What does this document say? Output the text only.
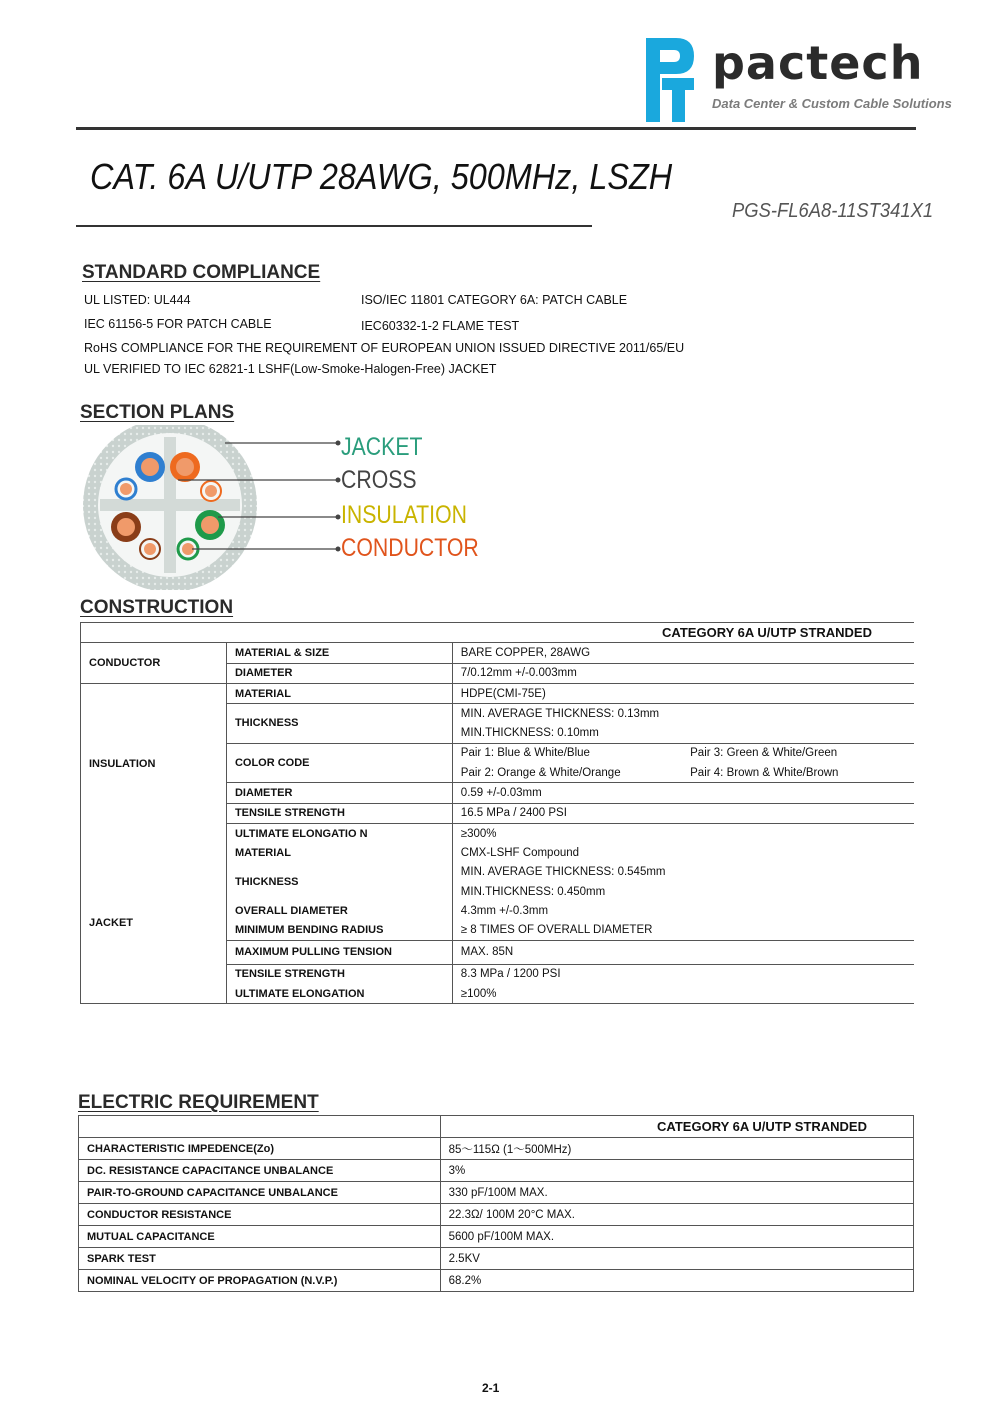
pactech
Data Center & Custom Cable Solutions
CAT. 6A U/UTP 28AWG, 500MHz, LSZH
PGS-FL6A8-11ST341X1
STANDARD COMPLIANCE
UL LISTED: UL444	ISO/IEC 11801 CATEGORY 6A: PATCH CABLE
IEC 61156-5 FOR PATCH CABLE	IEC60332-1-2 FLAME TEST
RoHS COMPLIANCE FOR THE REQUIREMENT OF EUROPEAN UNION ISSUED DIRECTIVE 2011/65/EU
UL VERIFIED TO IEC 62821-1 LSHF(Low-Smoke-Halogen-Free) JACKET
SECTION PLANS
JACKET
CROSS
INSULATION
CONDUCTOR
CONSTRUCTION
		CATEGORY 6A U/UTP STRANDED	
CONDUCTOR	MATERIAL & SIZE	BARE COPPER, 28AWG	
	DIAMETER	7/0.12mm +/-0.003mm	
INSULATION	MATERIAL	HDPE(CMI-75E)	
	THICKNESS	MIN. AVERAGE THICKNESS: 0.13mm	
		MIN.THICKNESS: 0.10mm	
	COLOR CODE	Pair 1: Blue & White/Blue	Pair 3: Green & White/Green
		Pair 2: Orange & White/Orange	Pair 4: Brown & White/Brown
	DIAMETER	0.59 +/-0.03mm	
	TENSILE STRENGTH	16.5 MPa / 2400 PSI	
	ULTIMATE ELONGATIO N	≥300%	
JACKET	MATERIAL	CMX-LSHF Compound	
	THICKNESS	MIN. AVERAGE THICKNESS: 0.545mm	
		MIN.THICKNESS: 0.450mm	
	OVERALL DIAMETER	4.3mm +/-0.3mm	
	MINIMUM BENDING RADIUS	≥ 8 TIMES OF OVERALL DIAMETER	
	MAXIMUM PULLING TENSION	MAX. 85N	
	TENSILE STRENGTH	8.3 MPa / 1200 PSI	
	ULTIMATE ELONGATION	≥100%	
ELECTRIC REQUIREMENT
	CATEGORY 6A U/UTP STRANDED
CHARACTERISTIC IMPEDENCE(Zo)	85～115Ω (1～500MHz)
DC. RESISTANCE CAPACITANCE UNBALANCE	3%
PAIR-TO-GROUND CAPACITANCE UNBALANCE	330 pF/100M MAX.
CONDUCTOR RESISTANCE	22.3Ω/ 100M 20°C MAX.
MUTUAL CAPACITANCE	5600 pF/100M MAX.
SPARK TEST	2.5KV
NOMINAL VELOCITY OF PROPAGATION (N.V.P.)	68.2%
2-1
